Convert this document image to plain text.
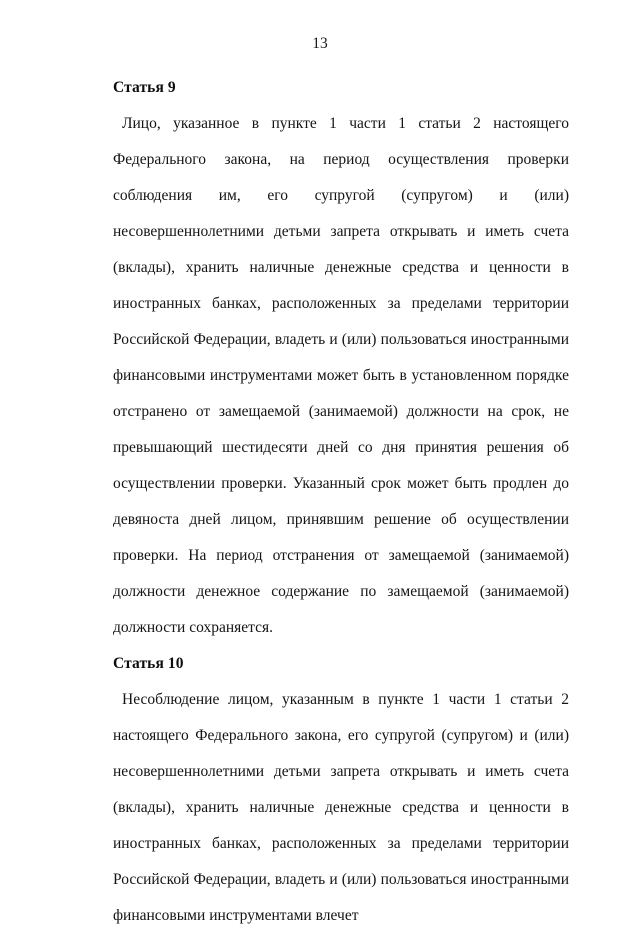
13
Статья 9
Лицо, указанное в пункте 1 части 1 статьи 2 настоящего Федерального закона, на период осуществления проверки соблюдения им, его супругой (супругом) и (или) несовершеннолетними детьми запрета открывать и иметь счета (вклады), хранить наличные денежные средства и ценности в иностранных банках, расположенных за пределами территории Российской Федерации, владеть и (или) пользоваться иностранными финансовыми инструментами может быть в установленном порядке отстранено от замещаемой (занимаемой) должности на срок, не превышающий шестидесяти дней со дня принятия решения об осуществлении проверки. Указанный срок может быть продлен до девяноста дней лицом, принявшим решение об осуществлении проверки. На период отстранения от замещаемой (занимаемой) должности денежное содержание по замещаемой (занимаемой) должности сохраняется.
Статья 10
Несоблюдение лицом, указанным в пункте 1 части 1 статьи 2 настоящего Федерального закона, его супругой (супругом) и (или) несовершеннолетними детьми запрета открывать и иметь счета (вклады), хранить наличные денежные средства и ценности в иностранных банках, расположенных за пределами территории Российской Федерации, владеть и (или) пользоваться иностранными финансовыми инструментами влечет
